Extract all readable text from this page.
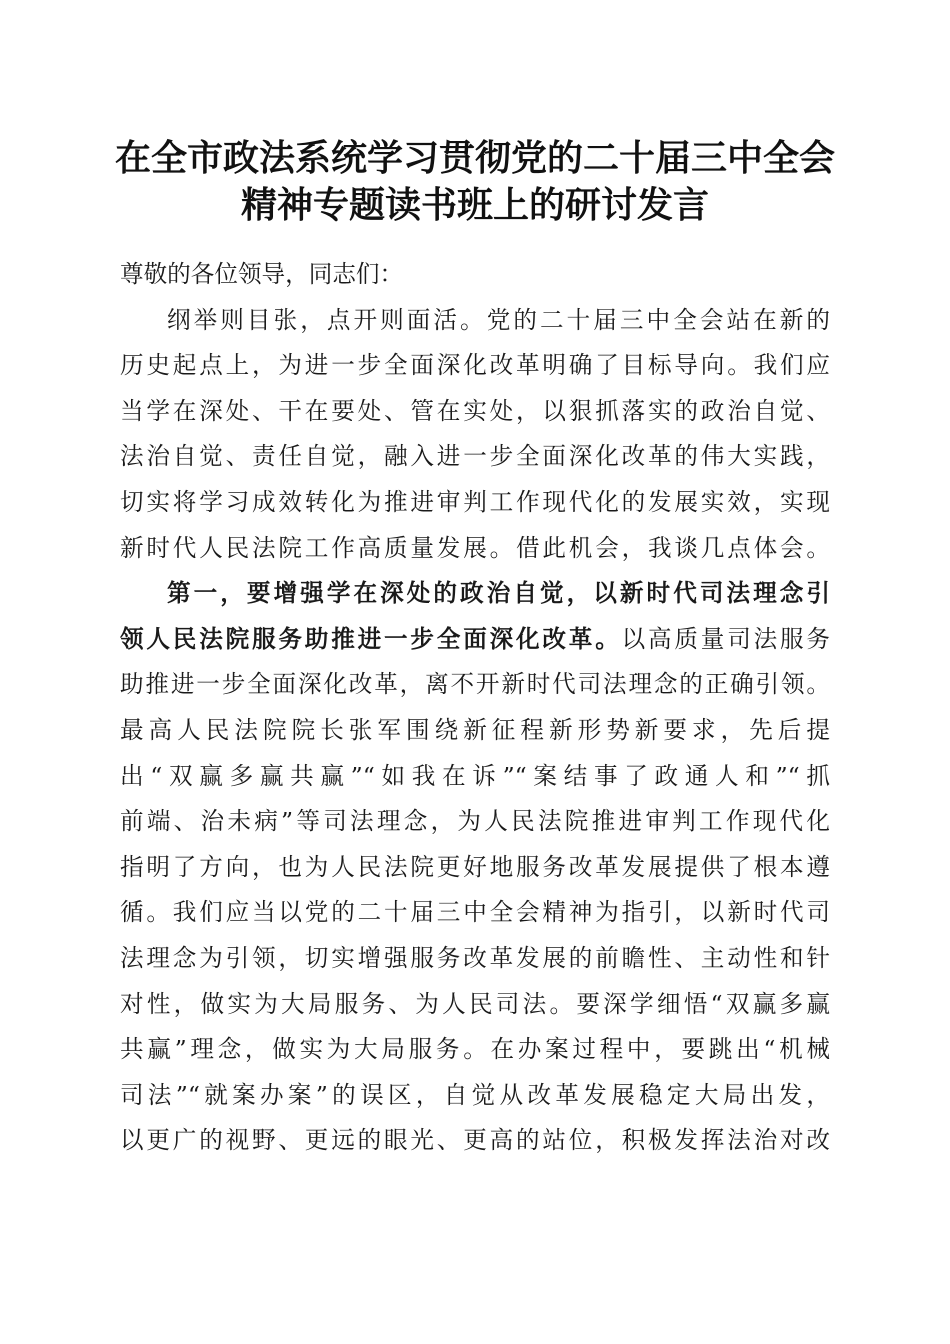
在全市政法系统学习贯彻党的二十届三中全会
精神专题读书班上的研讨发言
尊敬的各位领导，同志们：
纲举则目张，点开则面活。党的二十届三中全会站在新的
历史起点上，为进一步全面深化改革明确了目标导向。我们应
当学在深处、干在要处、管在实处，以狠抓落实的政治自觉、
法治自觉、责任自觉，融入进一步全面深化改革的伟大实践，
切实将学习成效转化为推进审判工作现代化的发展实效，实现
新时代人民法院工作高质量发展。借此机会，我谈几点体会。
第一，要增强学在深处的政治自觉，以新时代司法理念引
领人民法院服务助推进一步全面深化改革。以高质量司法服务
助推进一步全面深化改革，离不开新时代司法理念的正确引领。
最高人民法院院长张军围绕新征程新形势新要求，先后提
出“双赢多赢共赢”“如我在诉”“案结事了政通人和”“抓
前端、治未病”等司法理念，为人民法院推进审判工作现代化
指明了方向，也为人民法院更好地服务改革发展提供了根本遵
循。我们应当以党的二十届三中全会精神为指引，以新时代司
法理念为引领，切实增强服务改革发展的前瞻性、主动性和针
对性，做实为大局服务、为人民司法。要深学细悟“双赢多赢
共赢”理念，做实为大局服务。在办案过程中，要跳出“机械
司法”“就案办案”的误区，自觉从改革发展稳定大局出发，
以更广的视野、更远的眼光、更高的站位，积极发挥法治对改
